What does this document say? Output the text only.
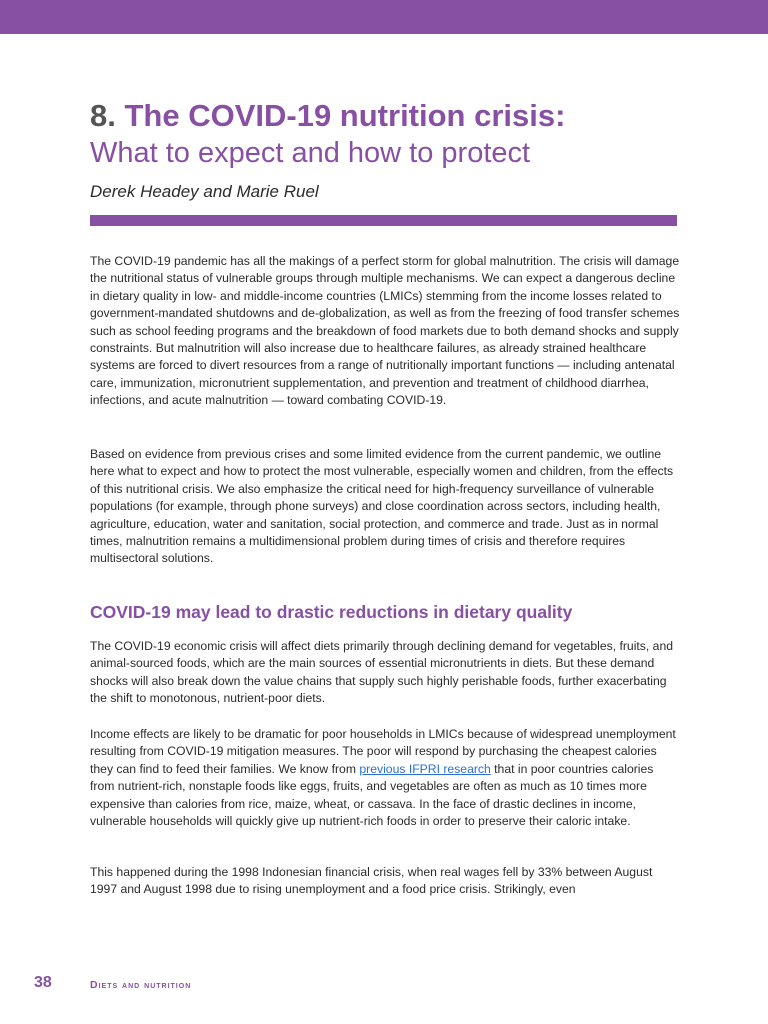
8. The COVID-19 nutrition crisis:
What to expect and how to protect

Derek Headey and Marie Ruel

The COVID-19 pandemic has all the makings of a perfect storm for global malnutrition. The crisis will damage the nutritional status of vulnerable groups through multiple mechanisms. We can expect a dangerous decline in dietary quality in low- and middle-income countries (LMICs) stemming from the income losses related to government-mandated shutdowns and de-globalization, as well as from the freezing of food transfer schemes such as school feeding programs and the breakdown of food markets due to both demand shocks and supply constraints. But malnutrition will also increase due to healthcare failures, as already strained healthcare systems are forced to divert resources from a range of nutritionally important functions — including antenatal care, immunization, micronutrient supplementation, and prevention and treatment of childhood diarrhea, infections, and acute malnutrition — toward combating COVID-19.

Based on evidence from previous crises and some limited evidence from the current pandemic, we outline here what to expect and how to protect the most vulnerable, especially women and children, from the effects of this nutritional crisis. We also emphasize the critical need for high-frequency surveillance of vulnerable populations (for example, through phone surveys) and close coordination across sectors, including health, agriculture, education, water and sanitation, social protection, and commerce and trade. Just as in normal times, malnutrition remains a multidimensional problem during times of crisis and therefore requires multisectoral solutions.

COVID-19 may lead to drastic reductions in dietary quality

The COVID-19 economic crisis will affect diets primarily through declining demand for vegetables, fruits, and animal-sourced foods, which are the main sources of essential micronutrients in diets. But these demand shocks will also break down the value chains that supply such highly perishable foods, further exacerbating the shift to monotonous, nutrient-poor diets.

Income effects are likely to be dramatic for poor households in LMICs because of widespread unemployment resulting from COVID-19 mitigation measures. The poor will respond by purchasing the cheapest calories they can find to feed their families. We know from previous IFPRI research that in poor countries calories from nutrient-rich, nonstaple foods like eggs, fruits, and vegetables are often as much as 10 times more expensive than calories from rice, maize, wheat, or cassava. In the face of drastic declines in income, vulnerable households will quickly give up nutrient-rich foods in order to preserve their caloric intake.

This happened during the 1998 Indonesian financial crisis, when real wages fell by 33% between August 1997 and August 1998 due to rising unemployment and a food price crisis. Strikingly, even

38	Diets and nutrition
